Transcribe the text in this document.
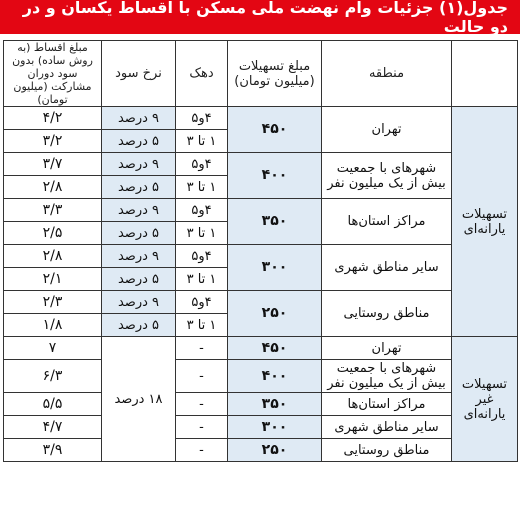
جدول(۱) جزئیات وام نهضت ملی مسکن با اقساط یکسان و در دو حالت
	منطقه	مبلغ تسهیلات (میلیون تومان)	دهک	نرخ سود	مبلغ اقساط (به روش ساده) بدون سود دوران مشارکت (میلیون تومان)
تسهیلات یارانه‌ای	تهران	۴۵۰	۴و۵	۹ درصد	۴/۲
			۱ تا ۳	۵ درصد	۳/۲
	شهرهای با جمعیت بیش از یک میلیون نفر	۴۰۰	۴و۵	۹ درصد	۳/۷
			۱ تا ۳	۵ درصد	۲/۸
	مراکز استان‌ها	۳۵۰	۴و۵	۹ درصد	۳/۳
			۱ تا ۳	۵ درصد	۲/۵
	سایر مناطق شهری	۳۰۰	۴و۵	۹ درصد	۲/۸
			۱ تا ۳	۵ درصد	۲/۱
	مناطق روستایی	۲۵۰	۴و۵	۹ درصد	۲/۳
			۱ تا ۳	۵ درصد	۱/۸
تسهیلات غیر یارانه‌ای	تهران	۴۵۰	-	۱۸ درصد	۷
	شهرهای با جمعیت بیش از یک میلیون نفر	۴۰۰	-		۶/۳
	مراکز استان‌ها	۳۵۰	-		۵/۵
	سایر مناطق شهری	۳۰۰	-		۴/۷
	مناطق روستایی	۲۵۰	-		۳/۹
